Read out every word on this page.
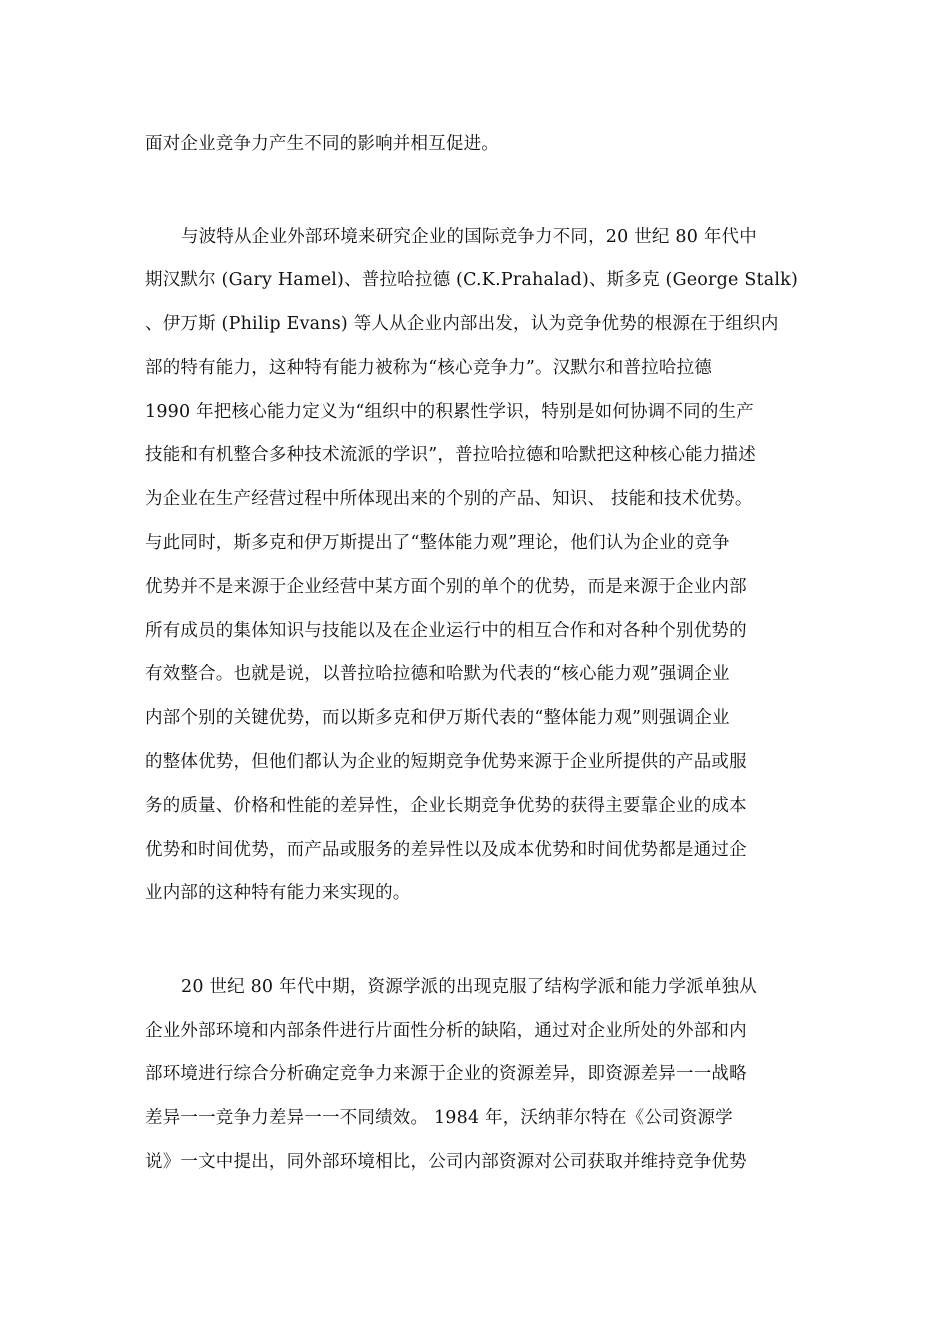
面对企业竞争力产生不同的影响并相互促进。
与波特从企业外部环境来研究企业的国际竞争力不同，20 世纪 80 年代中
期汉默尔 (Gary Hamel)、普拉哈拉德 (C.K.Prahalad)、斯多克 (George Stalk)
、伊万斯 (Philip Evans) 等人从企业内部出发，认为竞争优势的根源在于组织内
部的特有能力，这种特有能力被称为“核心竞争力”。汉默尔和普拉哈拉德
1990 年把核心能力定义为“组织中的积累性学识，特别是如何协调不同的生产
技能和有机整合多种技术流派的学识”，普拉哈拉德和哈默把这种核心能力描述
为企业在生产经营过程中所体现出来的个别的产品、知识、 技能和技术优势。
与此同时，斯多克和伊万斯提出了“整体能力观”理论，他们认为企业的竞争
优势并不是来源于企业经营中某方面个别的单个的优势，而是来源于企业内部
所有成员的集体知识与技能以及在企业运行中的相互合作和对各种个别优势的
有效整合。也就是说，以普拉哈拉德和哈默为代表的“核心能力观”强调企业
内部个别的关键优势，而以斯多克和伊万斯代表的“整体能力观”则强调企业
的整体优势，但他们都认为企业的短期竞争优势来源于企业所提供的产品或服
务的质量、价格和性能的差异性，企业长期竞争优势的获得主要靠企业的成本
优势和时间优势，而产品或服务的差异性以及成本优势和时间优势都是通过企
业内部的这种特有能力来实现的。
20 世纪 80 年代中期，资源学派的出现克服了结构学派和能力学派单独从
企业外部环境和内部条件进行片面性分析的缺陷，通过对企业所处的外部和内
部环境进行综合分析确定竞争力来源于企业的资源差异，即资源差异一一战略
差异一一竞争力差异一一不同绩效。 1984 年，沃纳菲尔特在《公司资源学
说》一文中提出，同外部环境相比，公司内部资源对公司获取并维持竞争优势
